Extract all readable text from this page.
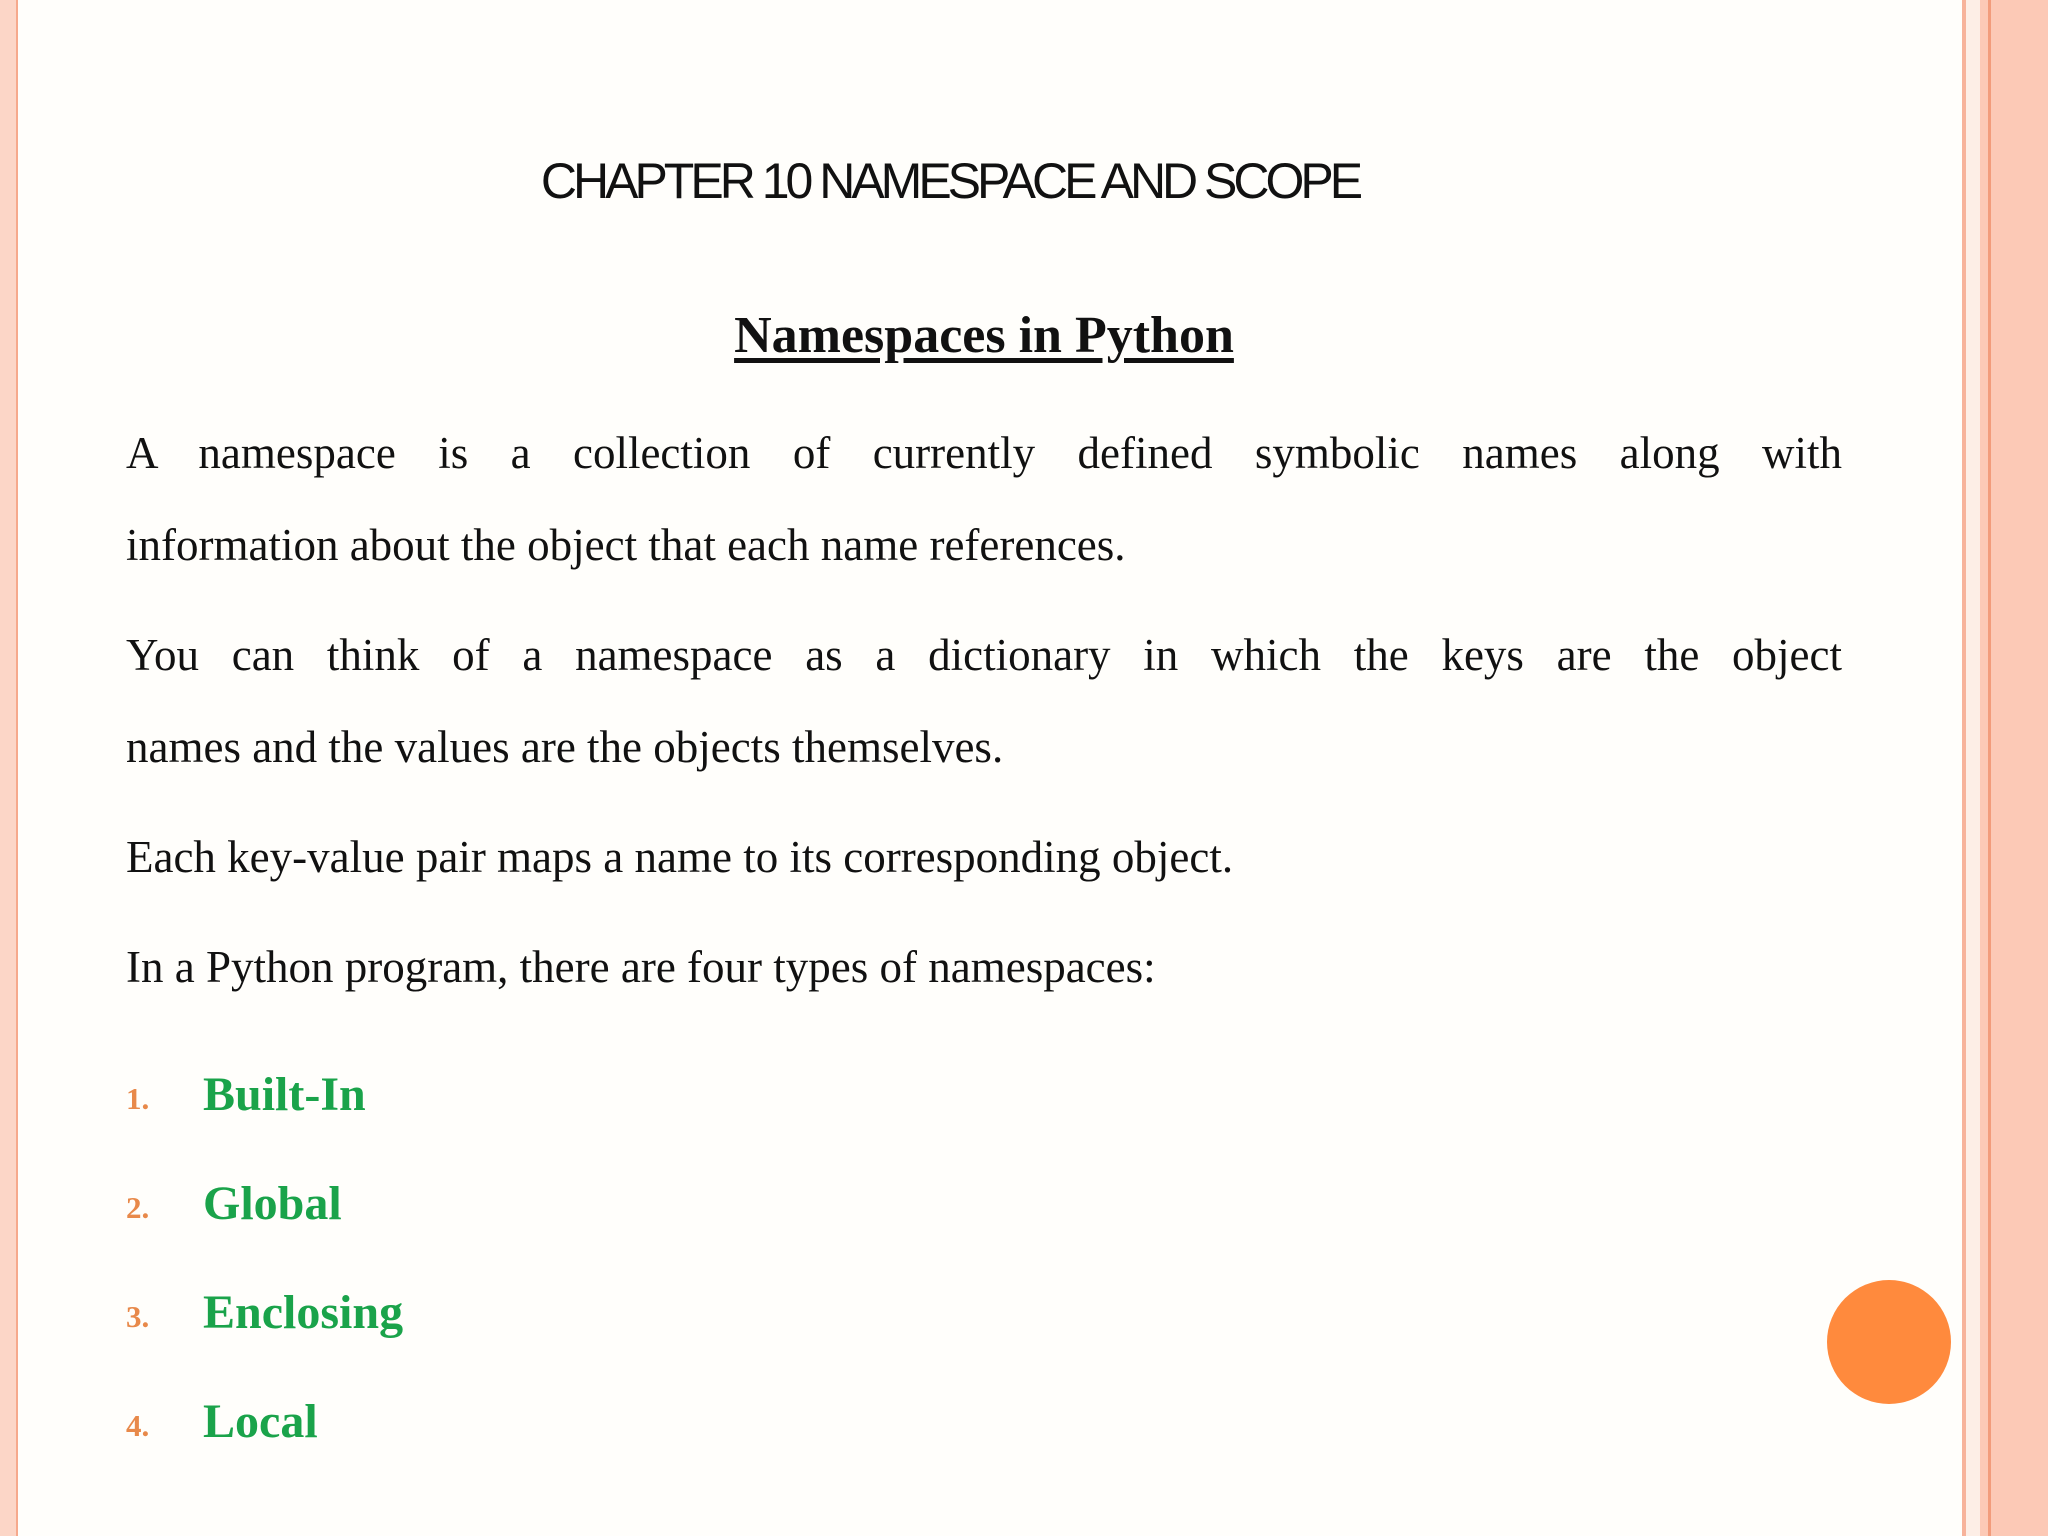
CHAPTER 10 NAMESPACE AND SCOPE
Namespaces in Python
A namespace is a collection of currently defined symbolic names along with
information about the object that each name references.
You can think of a namespace as a dictionary in which the keys are the object
names and the values are the objects themselves.
Each key-value pair maps a name to its corresponding object.
In a Python program, there are four types of namespaces:
1.	Built-In
2.	Global
3.	Enclosing
4.	Local
